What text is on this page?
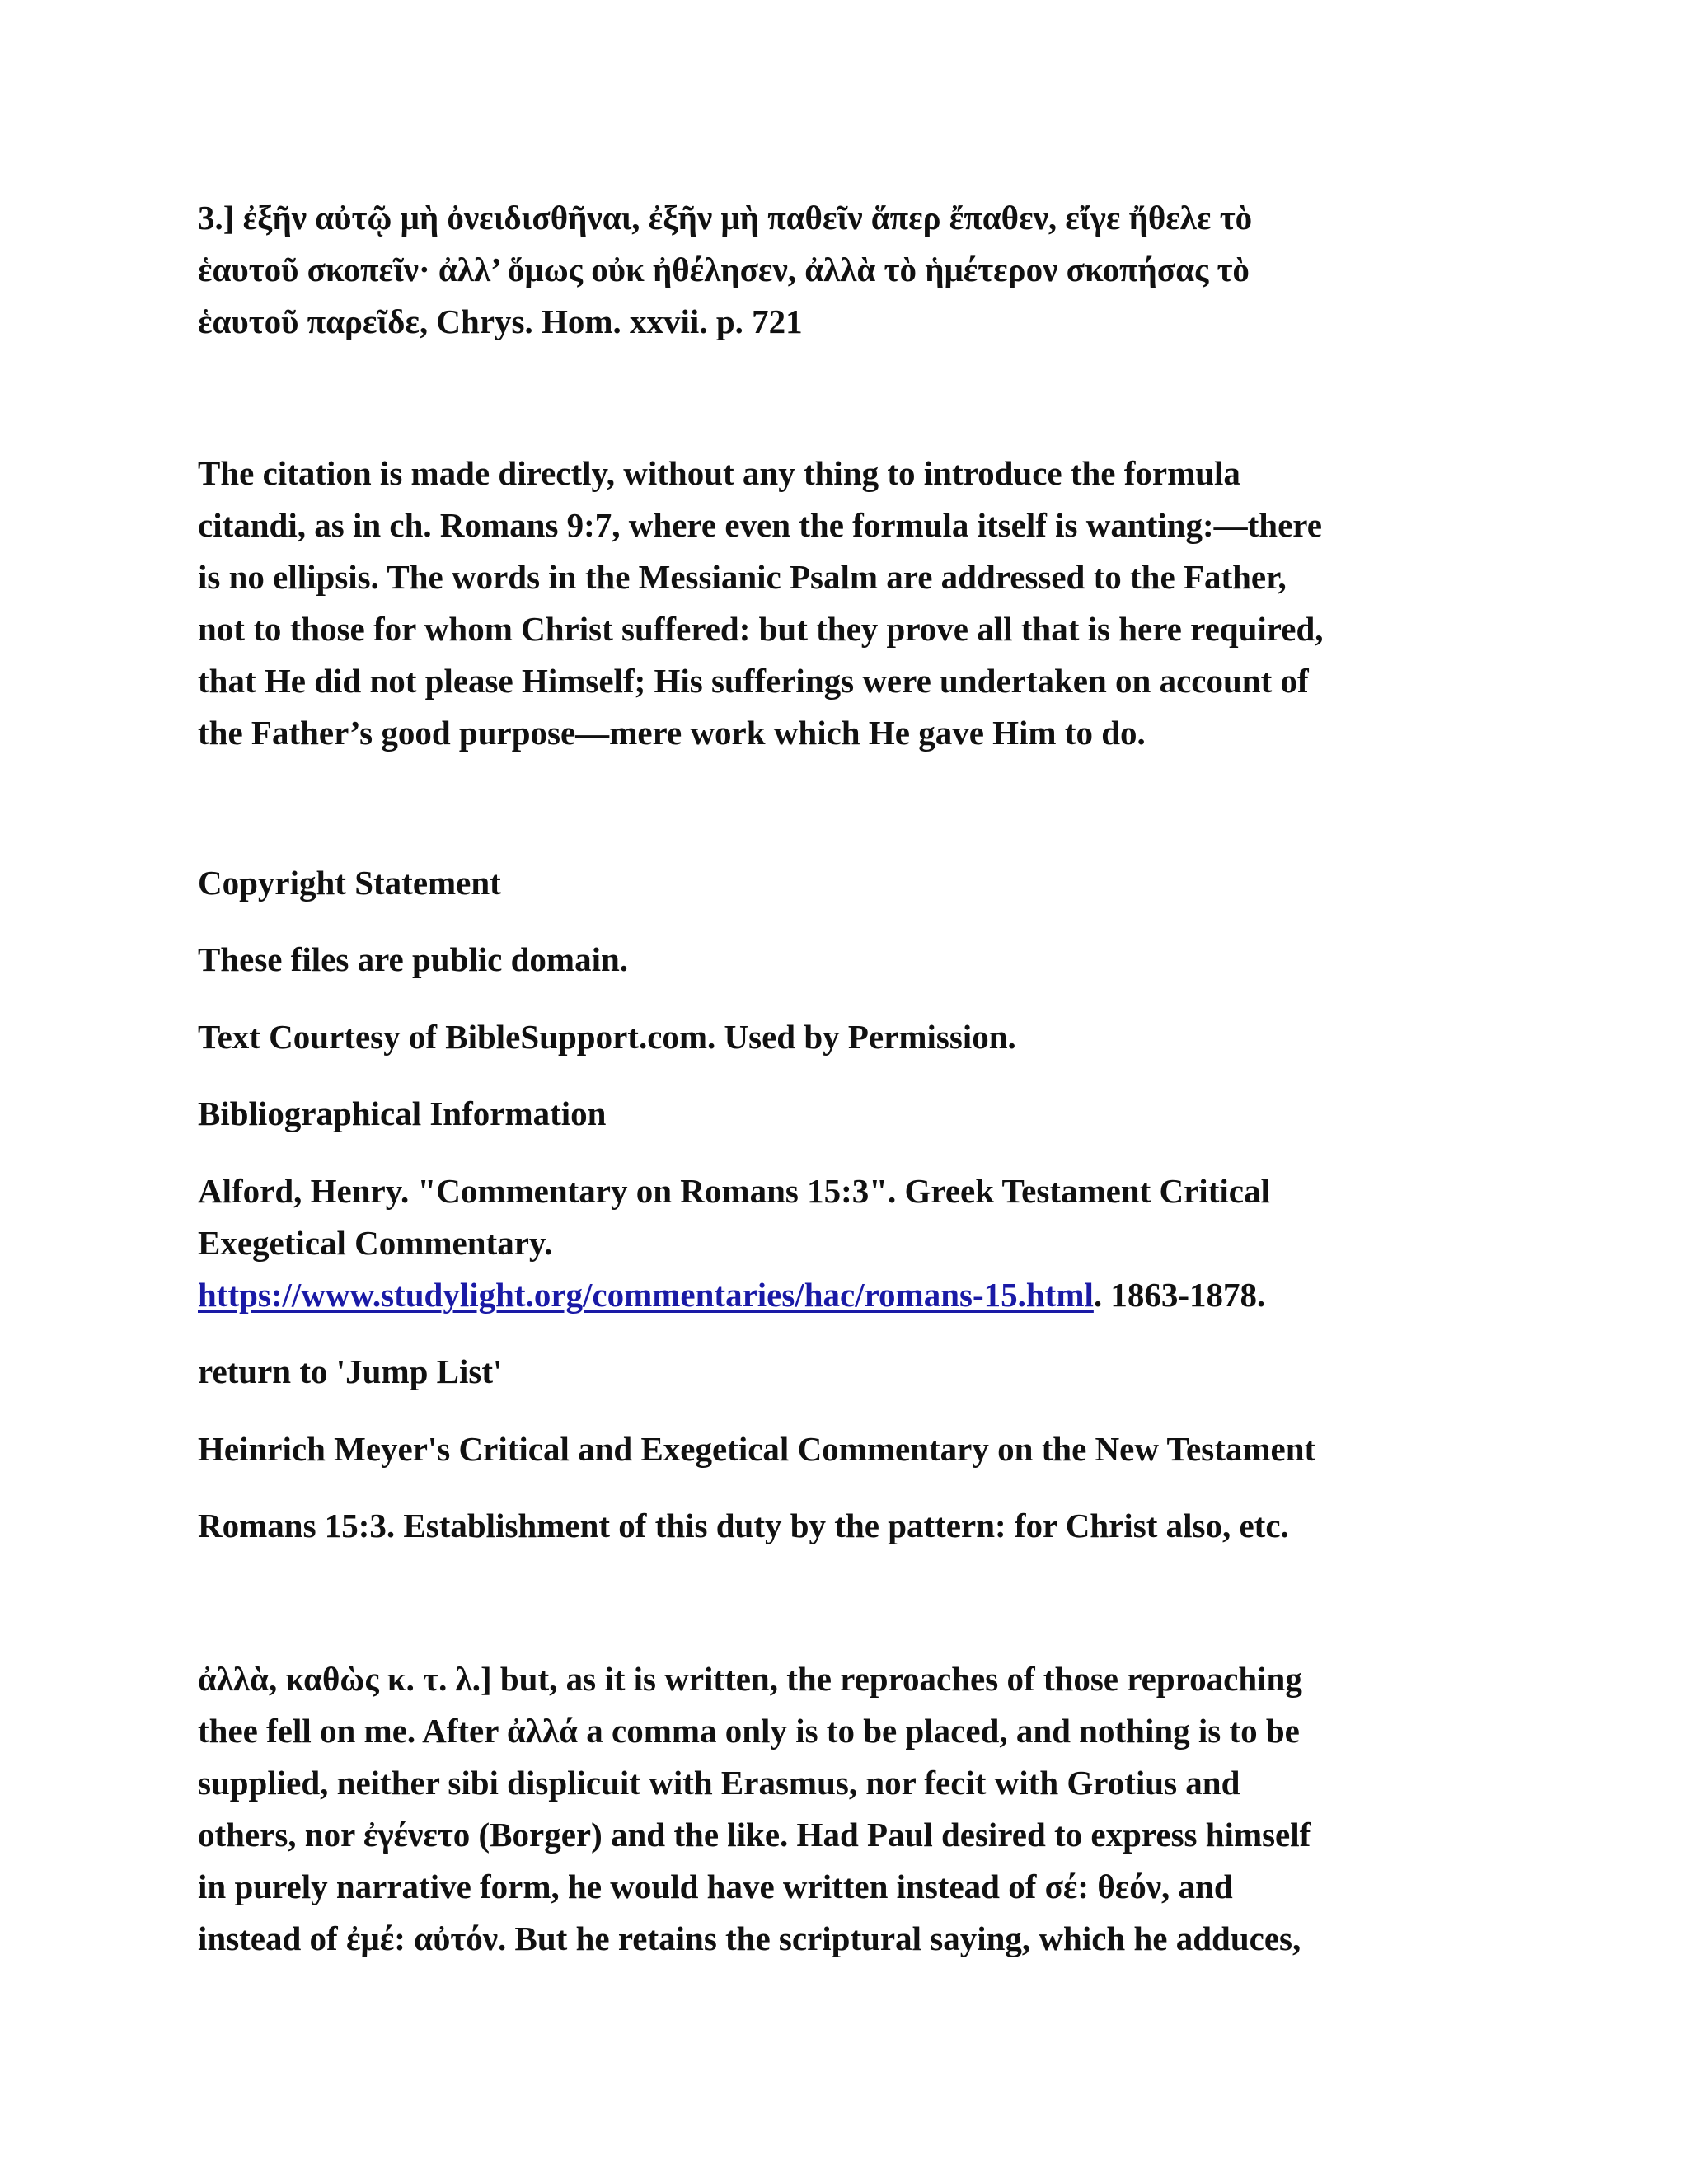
3.] ἐξῆν αὐτῷ μὴ ὀνειδισθῆναι, ἐξῆν μὴ παθεῖν ἅπερ ἔπαθεν, εἴγε ἤθελε τὸ
ἑαυτοῦ σκοπεῖν· ἀλλ’ ὅμως οὐκ ἠθέλησεν, ἀλλὰ τὸ ἡμέτερον σκοπήσας τὸ
ἑαυτοῦ παρεῖδε, Chrys. Hom. xxvii. p. 721

The citation is made directly, without any thing to introduce the formula
citandi, as in ch. Romans 9:7, where even the formula itself is wanting:—there
is no ellipsis. The words in the Messianic Psalm are addressed to the Father,
not to those for whom Christ suffered: but they prove all that is here required,
that He did not please Himself; His sufferings were undertaken on account of
the Father’s good purpose—mere work which He gave Him to do.

Copyright Statement

These files are public domain.

Text Courtesy of BibleSupport.com. Used by Permission.

Bibliographical Information

Alford, Henry. "Commentary on Romans 15:3". Greek Testament Critical
Exegetical Commentary.
https://www.studylight.org/commentaries/hac/romans-15.html. 1863-1878.

return to 'Jump List'

Heinrich Meyer's Critical and Exegetical Commentary on the New Testament

Romans 15:3. Establishment of this duty by the pattern: for Christ also, etc.

ἀλλὰ, καθὼς κ. τ. λ.] but, as it is written, the reproaches of those reproaching
thee fell on me. After ἀλλά a comma only is to be placed, and nothing is to be
supplied, neither sibi displicuit with Erasmus, nor fecit with Grotius and
others, nor ἐγένετο (Borger) and the like. Had Paul desired to express himself
in purely narrative form, he would have written instead of σέ: θεόν, and
instead of ἐμέ: αὐτόν. But he retains the scriptural saying, which he adduces,
